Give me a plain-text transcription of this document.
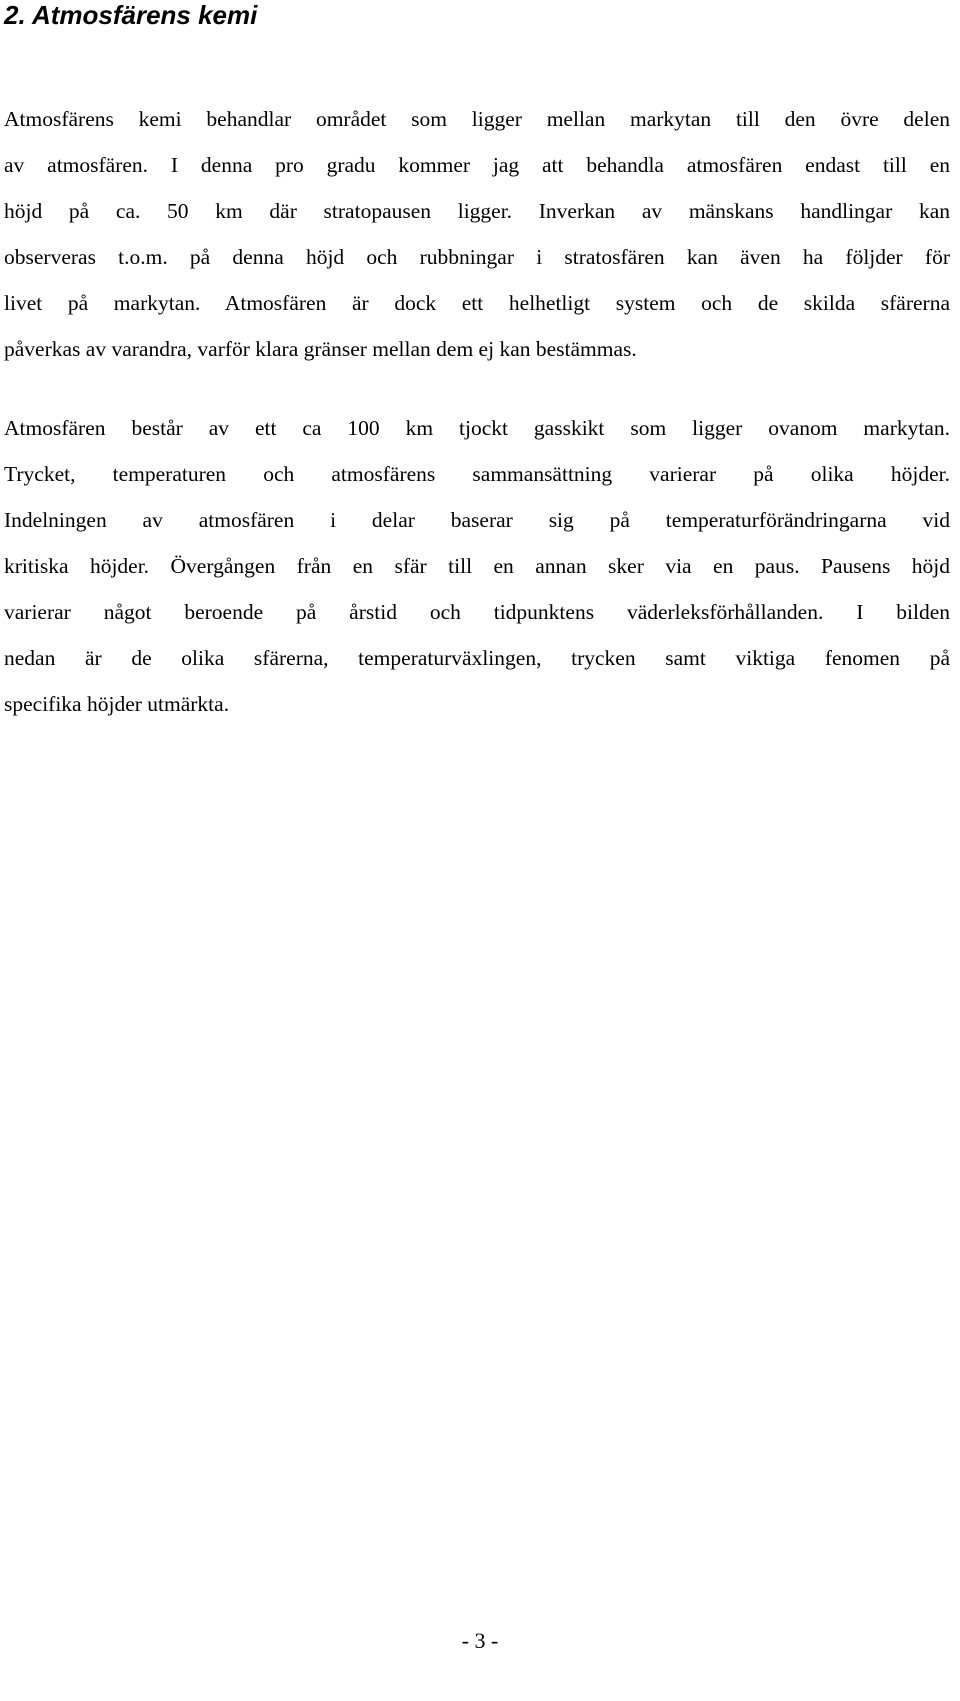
2. Atmosfärens kemi

Atmosfärens kemi behandlar området som ligger mellan markytan till den övre delen
av atmosfären. I denna pro gradu kommer jag att behandla atmosfären endast till en
höjd på ca. 50 km där stratopausen ligger. Inverkan av mänskans handlingar kan
observeras t.o.m. på denna höjd och rubbningar i stratosfären kan även ha följder för
livet på markytan. Atmosfären är dock ett helhetligt system och de skilda sfärerna
påverkas av varandra, varför klara gränser mellan dem ej kan bestämmas.

Atmosfären består av ett ca 100 km tjockt gasskikt som ligger ovanom markytan.
Trycket, temperaturen och atmosfärens sammansättning varierar på olika höjder.
Indelningen av atmosfären i delar baserar sig på temperaturförändringarna vid
kritiska höjder. Övergången från en sfär till en annan sker via en paus. Pausens höjd
varierar något beroende på årstid och tidpunktens väderleksförhållanden. I bilden
nedan är de olika sfärerna, temperaturväxlingen, trycken samt viktiga fenomen på
specifika höjder utmärkta.

- 3 -
